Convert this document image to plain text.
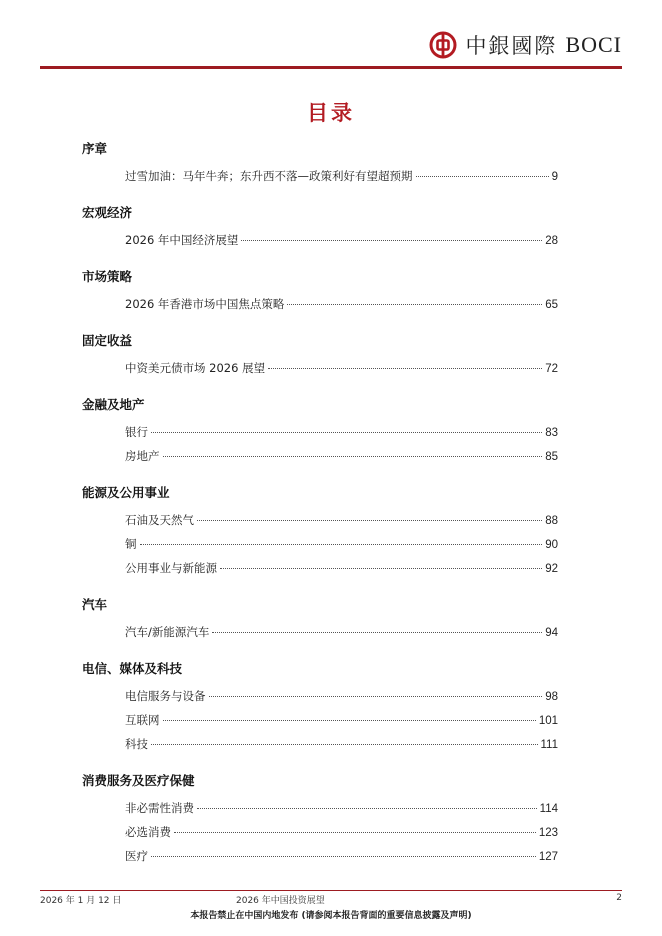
中銀國際 BOCI
目录
序章
过雪加油：马年牛奔；东升西不落—政策利好有望超预期	9
宏观经济
2026 年中国经济展望	28
市场策略
2026 年香港市场中国焦点策略	65
固定收益
中资美元债市场 2026 展望	72
金融及地产
银行	83
房地产	85
能源及公用事业
石油及天然气	88
铜	90
公用事业与新能源	92
汽车
汽车/新能源汽车	94
电信、媒体及科技
电信服务与设备	98
互联网	101
科技	111
消费服务及医疗保健
非必需性消费	114
必选消费	123
医疗	127
2026 年 1 月 12 日	2026 年中国投资展望	2
本报告禁止在中国内地发布 (请参阅本报告背面的重要信息披露及声明)
